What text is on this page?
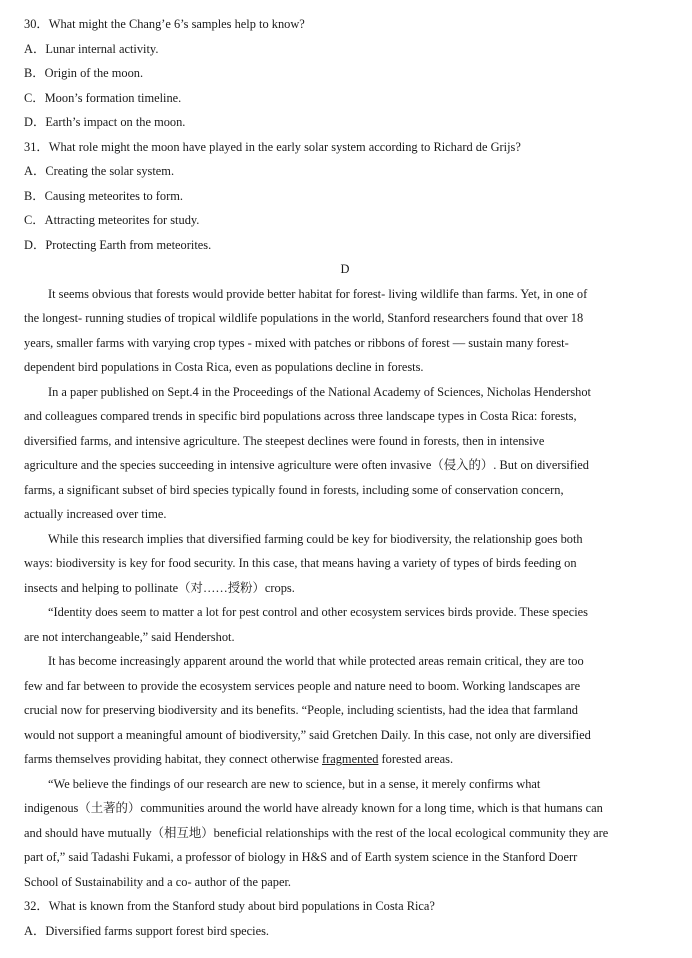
30．What might the Chang’e 6’s samples help to know?

A．Lunar internal activity.

B．Origin of the moon.

C．Moon’s formation timeline.

D．Earth’s impact on the moon.

31．What role might the moon have played in the early solar system according to Richard de Grijs?

A．Creating the solar system.

B．Causing meteorites to form.

C．Attracting meteorites for study.

D．Protecting Earth from meteorites.

D

It seems obvious that forests would provide better habitat for forest- living wildlife than farms. Yet, in one of

the longest- running studies of tropical wildlife populations in the world, Stanford researchers found that over 18

years, smaller farms with varying crop types - mixed with patches or ribbons of forest — sustain many forest-

dependent bird populations in Costa Rica, even as populations decline in forests.

In a paper published on Sept.4 in the Proceedings of the National Academy of Sciences, Nicholas Hendershot

and colleagues compared trends in specific bird populations across three landscape types in Costa Rica: forests,

diversified farms, and intensive agriculture. The steepest declines were found in forests, then in intensive

agriculture and the species succeeding in intensive agriculture were often invasive（侵入的）. But on diversified

farms, a significant subset of bird species typically found in forests, including some of conservation concern,

actually increased over time.

While this research implies that diversified farming could be key for biodiversity, the relationship goes both

ways: biodiversity is key for food security. In this case, that means having a variety of types of birds feeding on

insects and helping to pollinate（对……授粉）crops.

“Identity does seem to matter a lot for pest control and other ecosystem services birds provide. These species

are not interchangeable,” said Hendershot.

It has become increasingly apparent around the world that while protected areas remain critical, they are too

few and far between to provide the ecosystem services people and nature need to boom. Working landscapes are

crucial now for preserving biodiversity and its benefits. “People, including scientists, had the idea that farmland

would not support a meaningful amount of biodiversity,” said Gretchen Daily. In this case, not only are diversified

farms themselves providing habitat, they connect otherwise fragmented forested areas.

“We believe the findings of our research are new to science, but in a sense, it merely confirms what

indigenous（土著的）communities around the world have already known for a long time, which is that humans can

and should have mutually（相互地）beneficial relationships with the rest of the local ecological community they are

part of,” said Tadashi Fukami, a professor of biology in H&S and of Earth system science in the Stanford Doerr

School of Sustainability and a co- author of the paper.

32．What is known from the Stanford study about bird populations in Costa Rica?

A．Diversified farms support forest bird species.
